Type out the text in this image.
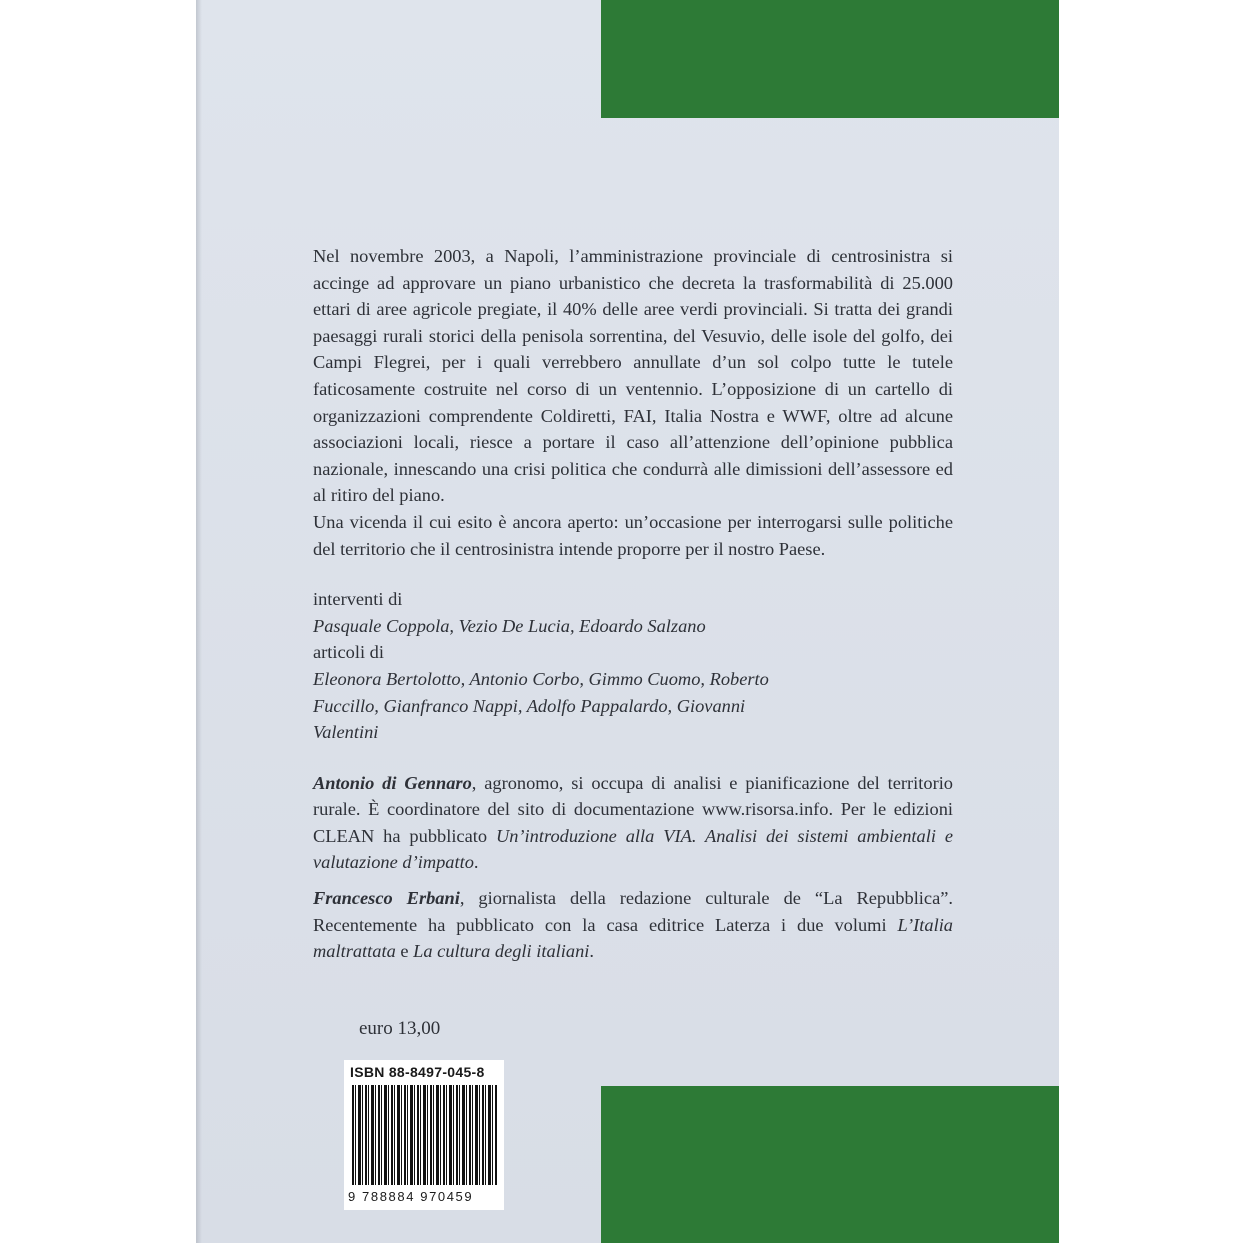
Nel novembre 2003, a Napoli, l’amministrazione provinciale di centrosinistra si accinge ad approvare un piano urbanistico che decreta la trasformabilità di 25.000 ettari di aree agricole pregiate, il 40% delle aree verdi provinciali. Si tratta dei grandi paesaggi rurali storici della penisola sorrentina, del Vesuvio, delle isole del golfo, dei Campi Flegrei, per i quali verrebbero annullate d’un sol colpo tutte le tutele faticosamente costruite nel corso di un ventennio. L’opposizione di un cartello di organizzazioni comprendente Coldiretti, FAI, Italia Nostra e WWF, oltre ad alcune associazioni locali, riesce a portare il caso all’attenzione dell’opinione pubblica nazionale, innescando una crisi politica che condurrà alle dimissioni dell’assessore ed al ritiro del piano.

Una vicenda il cui esito è ancora aperto: un’occasione per interrogarsi sulle politiche del territorio che il centrosinistra intende proporre per il nostro Paese.

interventi di
Pasquale Coppola, Vezio De Lucia, Edoardo Salzano
articoli di
Eleonora Bertolotto, Antonio Corbo, Gimmo Cuomo, Roberto Fuccillo, Gianfranco Nappi, Adolfo Pappalardo, Giovanni Valentini

Antonio di Gennaro, agronomo, si occupa di analisi e pianificazione del territorio rurale. È coordinatore del sito di documentazione www.risorsa.info. Per le edizioni CLEAN ha pubblicato Un’introduzione alla VIA. Analisi dei sistemi ambientali e valutazione d’impatto.

Francesco Erbani, giornalista della redazione culturale de “La Repubblica”. Recentemente ha pubblicato con la casa editrice Laterza i due volumi L’Italia maltrattata e La cultura degli italiani.

euro 13,00
ISBN 88-8497-045-8
9 788884 970459
